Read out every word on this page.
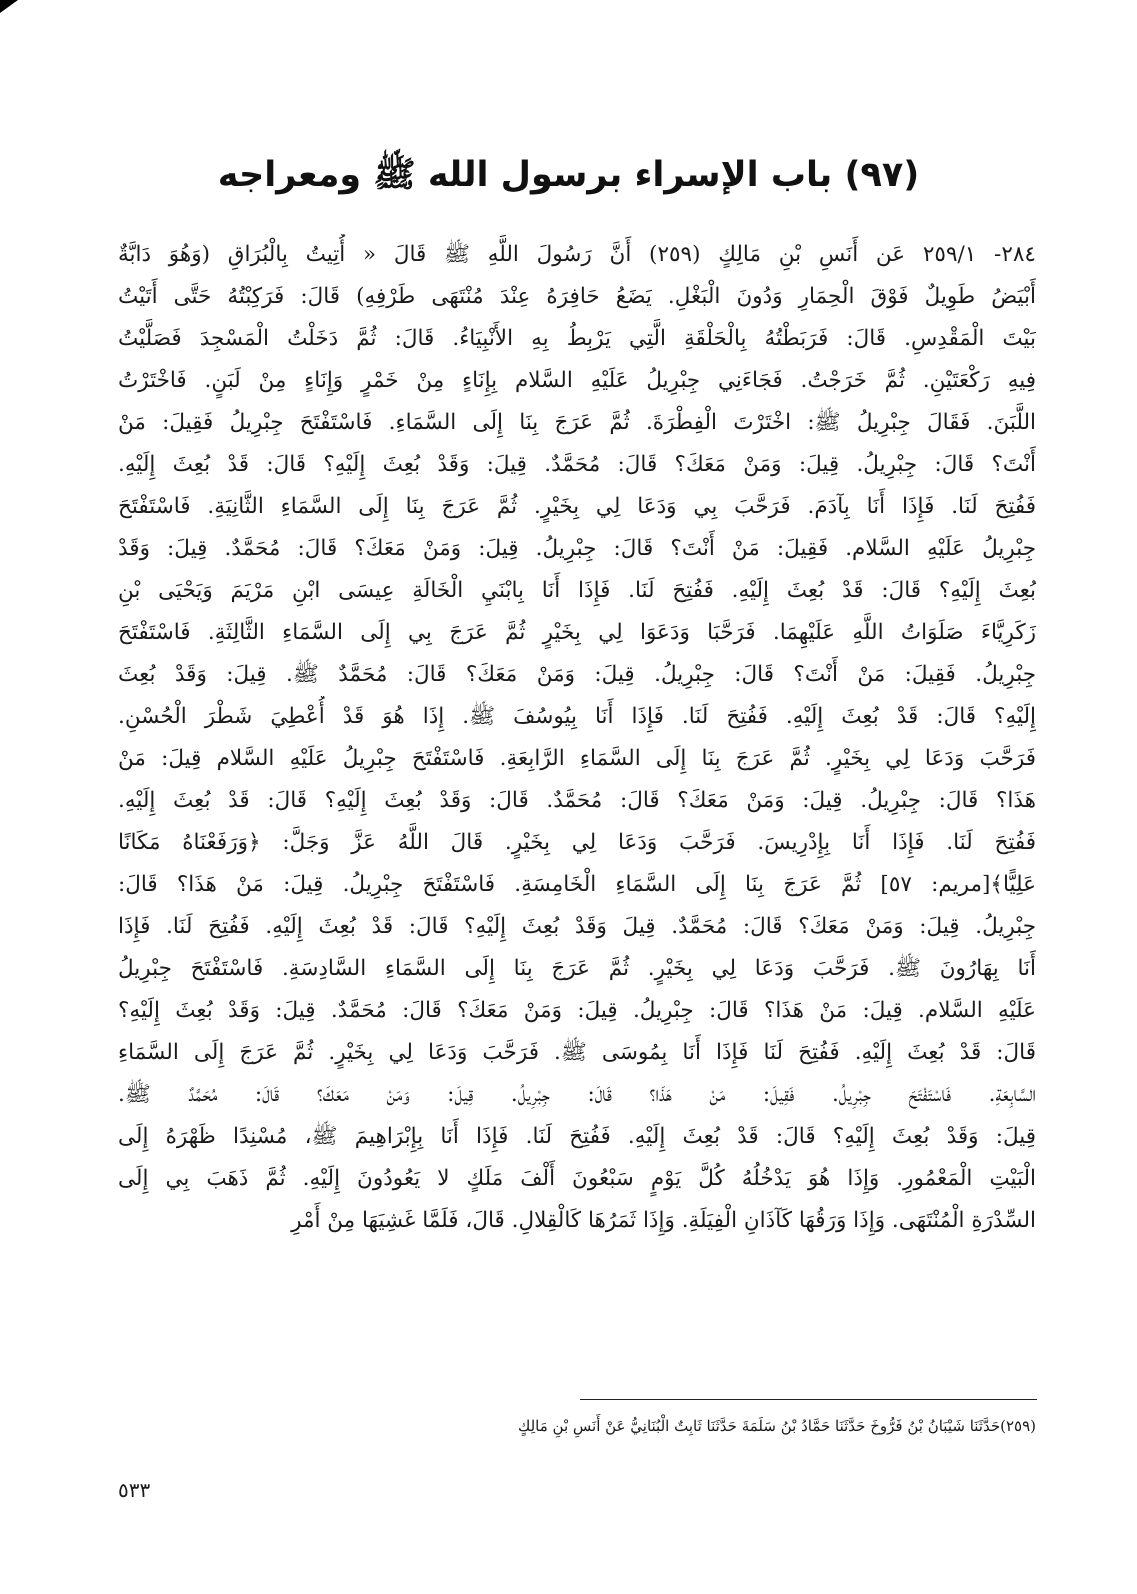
(٩٧) باب الإسراء برسول الله ﷺ ومعراجه
٢٨٤- ٢٥٩/١ عَن أَنَسِ بْنِ مَالِكٍ (٢٥٩) أَنَّ رَسُولَ اللَّهِ ﷺ قَالَ « أُتِيتُ بِالْبُرَاقِ (وَهُوَ دَابَّةٌ
أَبْيَضُ طَوِيلٌ فَوْقَ الْحِمَارِ وَدُونَ الْبَغْلِ. يَضَعُ حَافِرَهُ عِنْدَ مُنْتَهَى طَرْفِهِ) قَالَ: فَرَكِبْتُهُ حَتَّى أَتَيْتُ
بَيْتَ الْمَقْدِسِ. قَالَ: فَرَبَطْتُهُ بِالْحَلْقَةِ الَّتِي يَرْبِطُ بِهِ الأَنْبِيَاءُ. قَالَ: ثُمَّ دَخَلْتُ الْمَسْجِدَ فَصَلَّيْتُ
فِيهِ رَكْعَتَيْنِ. ثُمَّ خَرَجْتُ. فَجَاءَنِي جِبْرِيلُ عَلَيْهِ السَّلام بِإِنَاءٍ مِنْ خَمْرٍ وَإِنَاءٍ مِنْ لَبَنٍ. فَاخْتَرْتُ
اللَّبَنَ. فَقَالَ جِبْرِيلُ ﷺ: اخْتَرْتَ الْفِطْرَةَ. ثُمَّ عَرَجَ بِنَا إِلَى السَّمَاءِ. فَاسْتَفْتَحَ جِبْرِيلُ فَقِيلَ: مَنْ
أَنْتَ؟ قَالَ: جِبْرِيلُ. قِيلَ: وَمَنْ مَعَكَ؟ قَالَ: مُحَمَّدٌ. قِيلَ: وَقَدْ بُعِثَ إِلَيْهِ؟ قَالَ: قَدْ بُعِثَ إِلَيْهِ.
فَفُتِحَ لَنَا. فَإِذَا أَنَا بِآدَمَ. فَرَحَّبَ بِي وَدَعَا لِي بِخَيْرٍ. ثُمَّ عَرَجَ بِنَا إِلَى السَّمَاءِ الثَّانِيَةِ. فَاسْتَفْتَحَ
جِبْرِيلُ عَلَيْهِ السَّلام. فَقِيلَ: مَنْ أَنْتَ؟ قَالَ: جِبْرِيلُ. قِيلَ: وَمَنْ مَعَكَ؟ قَالَ: مُحَمَّدٌ. قِيلَ: وَقَدْ
بُعِثَ إِلَيْهِ؟ قَالَ: قَدْ بُعِثَ إِلَيْهِ. فَفُتِحَ لَنَا. فَإِذَا أَنَا بِابْنَيِ الْخَالَةِ عِيسَى ابْنِ مَرْيَمَ وَيَحْيَى بْنِ
زَكَرِيَّاءَ صَلَوَاتُ اللَّهِ عَلَيْهِمَا. فَرَحَّبَا وَدَعَوَا لِي بِخَيْرٍ ثُمَّ عَرَجَ بِي إِلَى السَّمَاءِ الثَّالِثَةِ. فَاسْتَفْتَحَ
جِبْرِيلُ. فَقِيلَ: مَنْ أَنْتَ؟ قَالَ: جِبْرِيلُ. قِيلَ: وَمَنْ مَعَكَ؟ قَالَ: مُحَمَّدٌ ﷺ. قِيلَ: وَقَدْ بُعِثَ
إِلَيْهِ؟ قَالَ: قَدْ بُعِثَ إِلَيْهِ. فَفُتِحَ لَنَا. فَإِذَا أَنَا بِيُوسُفَ ﷺ. إِذَا هُوَ قَدْ أُعْطِيَ شَطْرَ الْحُسْنِ.
فَرَحَّبَ وَدَعَا لِي بِخَيْرٍ. ثُمَّ عَرَجَ بِنَا إِلَى السَّمَاءِ الرَّابِعَةِ. فَاسْتَفْتَحَ جِبْرِيلُ عَلَيْهِ السَّلام قِيلَ: مَنْ
هَذَا؟ قَالَ: جِبْرِيلُ. قِيلَ: وَمَنْ مَعَكَ؟ قَالَ: مُحَمَّدٌ. قَالَ: وَقَدْ بُعِثَ إِلَيْهِ؟ قَالَ: قَدْ بُعِثَ إِلَيْهِ.
فَفُتِحَ لَنَا. فَإِذَا أَنَا بِإِدْرِيسَ. فَرَحَّبَ وَدَعَا لِي بِخَيْرٍ. قَالَ اللَّهُ عَزَّ وَجَلَّ: ﴿وَرَفَعْنَاهُ مَكَانًا
عَلِيًّا﴾[مريم: ٥٧] ثُمَّ عَرَجَ بِنَا إِلَى السَّمَاءِ الْخَامِسَةِ. فَاسْتَفْتَحَ جِبْرِيلُ. قِيلَ: مَنْ هَذَا؟ قَالَ:
جِبْرِيلُ. قِيلَ: وَمَنْ مَعَكَ؟ قَالَ: مُحَمَّدٌ. قِيلَ وَقَدْ بُعِثَ إِلَيْهِ؟ قَالَ: قَدْ بُعِثَ إِلَيْهِ. فَفُتِحَ لَنَا. فَإِذَا
أَنَا بِهَارُونَ ﷺ. فَرَحَّبَ وَدَعَا لِي بِخَيْرٍ. ثُمَّ عَرَجَ بِنَا إِلَى السَّمَاءِ السَّادِسَةِ. فَاسْتَفْتَحَ جِبْرِيلُ
عَلَيْهِ السَّلام. قِيلَ: مَنْ هَذَا؟ قَالَ: جِبْرِيلُ. قِيلَ: وَمَنْ مَعَكَ؟ قَالَ: مُحَمَّدٌ. قِيلَ: وَقَدْ بُعِثَ إِلَيْهِ؟
قَالَ: قَدْ بُعِثَ إِلَيْهِ. فَفُتِحَ لَنَا فَإِذَا أَنَا بِمُوسَى ﷺ. فَرَحَّبَ وَدَعَا لِي بِخَيْرٍ. ثُمَّ عَرَجَ إِلَى السَّمَاءِ
السَّابِعَةِ. فَاسْتَفْتَحَ جِبْرِيلُ. فَقِيلَ: مَنْ هَذَا؟ قَالَ: جِبْرِيلُ. قِيلَ: وَمَنْ مَعَكَ؟ قَالَ: مُحَمَّدٌ ﷺ.
قِيلَ: وَقَدْ بُعِثَ إِلَيْهِ؟ قَالَ: قَدْ بُعِثَ إِلَيْهِ. فَفُتِحَ لَنَا. فَإِذَا أَنَا بِإِبْرَاهِيمَ ﷺ، مُسْنِدًا ظَهْرَهُ إِلَى
الْبَيْتِ الْمَعْمُورِ. وَإِذَا هُوَ يَدْخُلُهُ كُلَّ يَوْمٍ سَبْعُونَ أَلْفَ مَلَكٍ لا يَعُودُونَ إِلَيْهِ. ثُمَّ ذَهَبَ بِي إِلَى
السِّدْرَةِ الْمُنْتَهَى. وَإِذَا وَرَقُهَا كَآذَانِ الْفِيَلَةِ. وَإِذَا ثَمَرُهَا كَالْقِلالِ. قَالَ، فَلَمَّا غَشِيَهَا مِنْ أَمْرِ
(٢٥٩)حَدَّثَنَا شَيْبَانُ بْنُ فَرُّوخَ حَدَّثَنَا حَمَّادُ بْنُ سَلَمَةَ حَدَّثَنَا ثَابِتٌ الْبُنَانِيُّ عَنْ أَنَسِ بْنِ مَالِكٍ
٥٣٣
